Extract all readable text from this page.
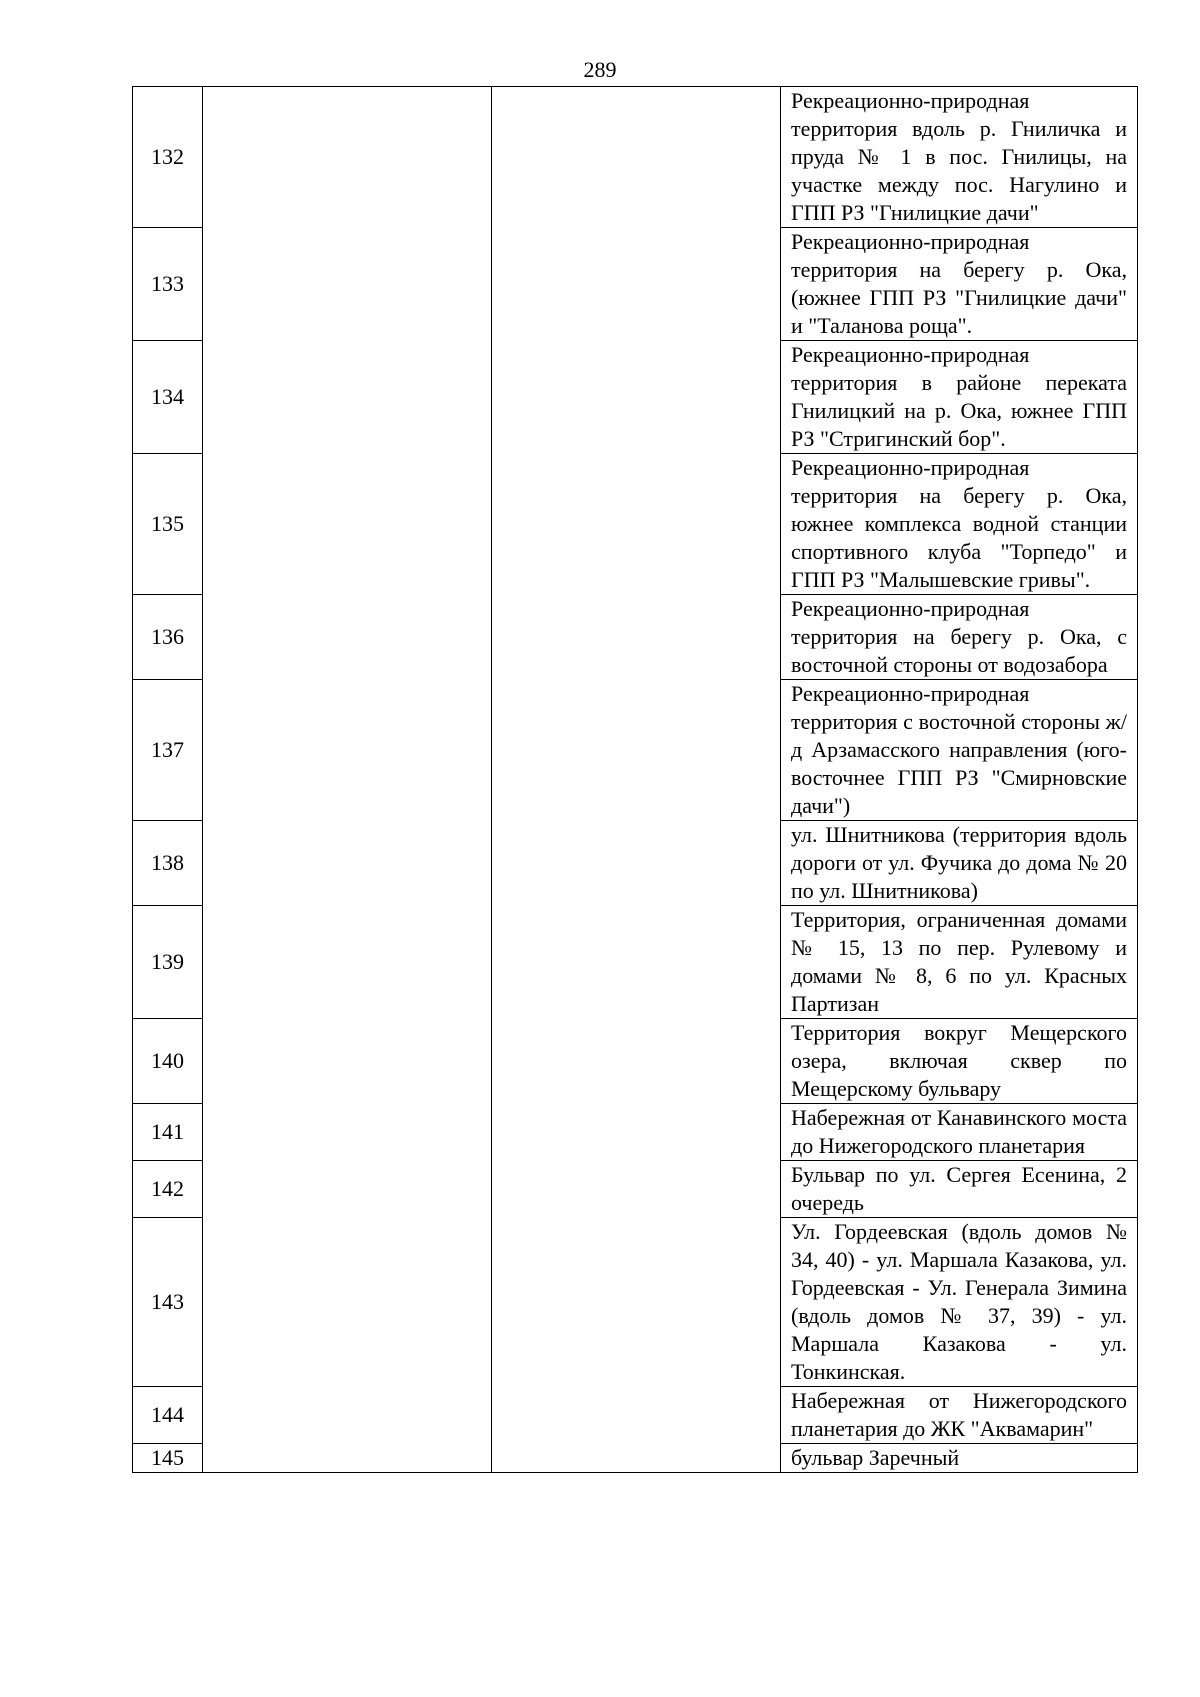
289
132			Рекреационно-природная территория вдоль р. Гниличка и пруда № 1 в пос. Гнилицы, на участке между пос. Нагулино и ГПП РЗ "Гнилицкие дачи"
133			Рекреационно-природная территория на берегу р. Ока, (южнее ГПП РЗ "Гнилицкие дачи" и "Таланова роща".
134			Рекреационно-природная территория в районе переката Гнилицкий на р. Ока, южнее ГПП РЗ "Стригинский бор".
135			Рекреационно-природная территория на берегу р. Ока, южнее комплекса водной станции спортивного клуба "Торпедо" и ГПП РЗ "Малышевские гривы".
136			Рекреационно-природная территория на берегу р. Ока, с восточной стороны от водозабора
137			Рекреационно-природная территория с восточной стороны ж/д Арзамасского направления (юго-восточнее ГПП РЗ "Смирновские дачи")
138			ул. Шнитникова (территория вдоль дороги от ул. Фучика до дома № 20 по ул. Шнитникова)
139			Территория, ограниченная домами № 15, 13 по пер. Рулевому и домами № 8, 6 по ул. Красных Партизан
140			Территория вокруг Мещерского озера, включая сквер по Мещерскому бульвару
141			Набережная от Канавинского моста до Нижегородского планетария
142			Бульвар по ул. Сергея Есенина, 2 очередь
143			Ул. Гордеевская (вдоль домов № 34, 40) - ул. Маршала Казакова, ул. Гордеевская - Ул. Генерала Зимина (вдоль домов № 37, 39) - ул. Маршала Казакова - ул. Тонкинская.
144			Набережная от Нижегородского планетария до ЖК "Аквамарин"
145			бульвар Заречный
